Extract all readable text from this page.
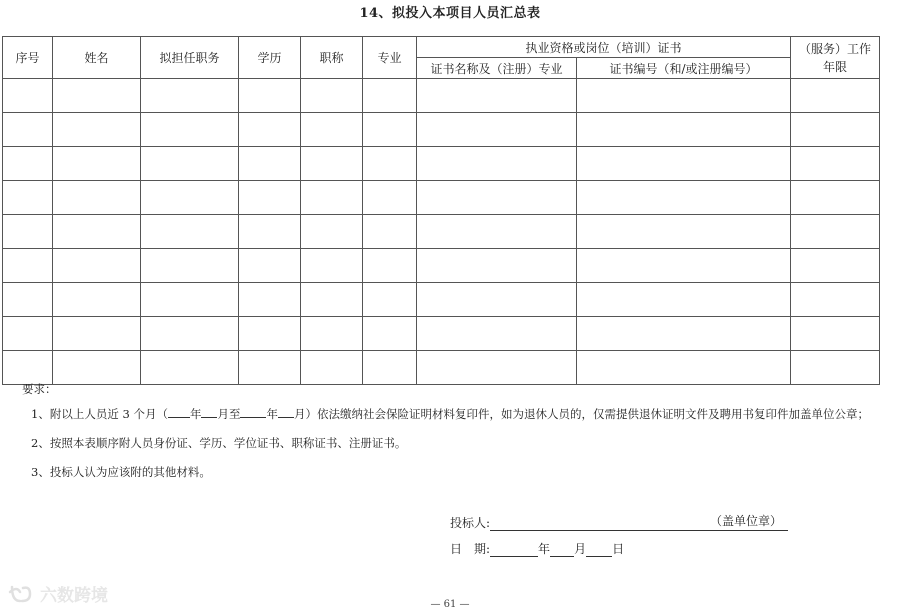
14、拟投入本项目人员汇总表
序号	姓名	拟担任职务	学历	职称	专业	执业资格或岗位（培训）证书		（服务）工作年限
						证书名称及（注册）专业	证书编号（和/或注册编号）	

要求：
1、附以上人员近 3 个月（ 年 月至 年 月）依法缴纳社会保险证明材料复印件，如为退休人员的，仅需提供退休证明文件及聘用书复印件加盖单位公章；
2、按照本表顺序附人员身份证、学历、学位证书、职称证书、注册证书。
3、投标人认为应该附的其他材料。
投标人:	（盖单位章）
日　期:	年 月 日
六数跨境	— 61 —
